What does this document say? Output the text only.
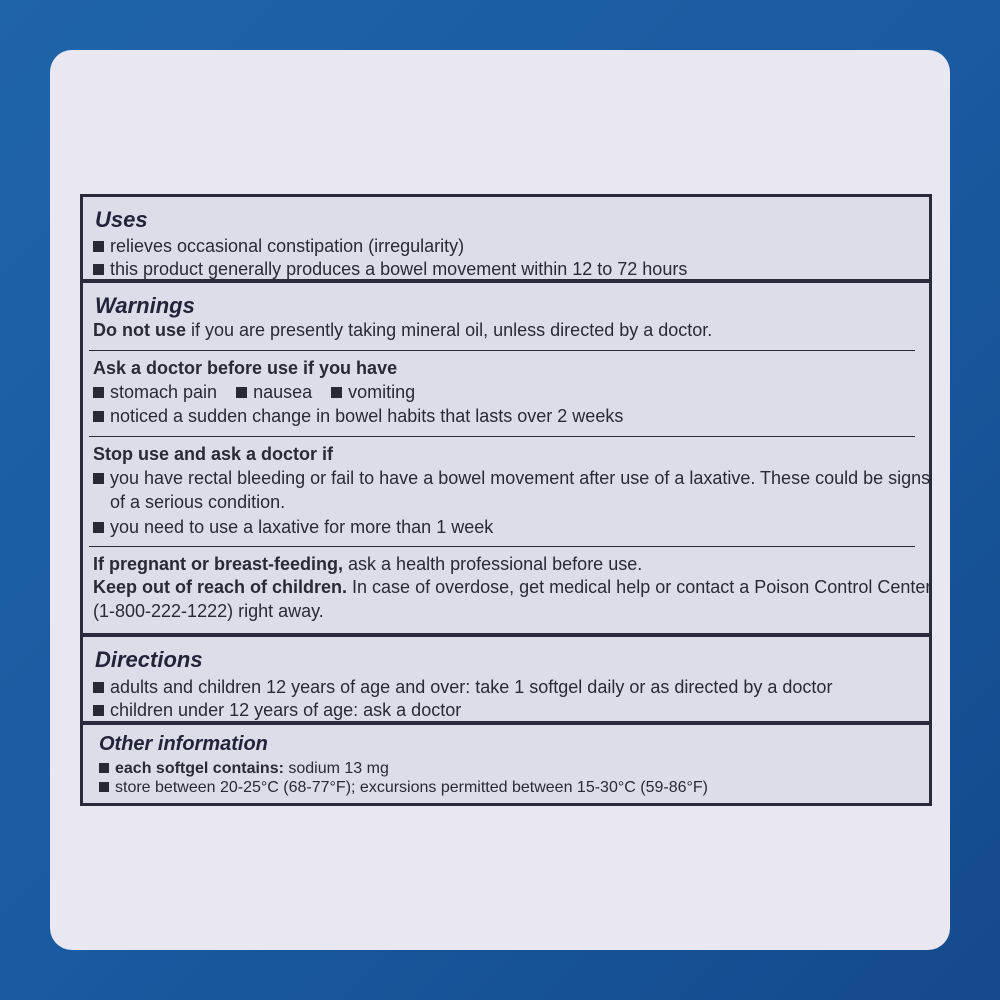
Uses
relieves occasional constipation (irregularity)
this product generally produces a bowel movement within 12 to 72 hours
Warnings
Do not use if you are presently taking mineral oil, unless directed by a doctor.
Ask a doctor before use if you have
stomach pain nausea vomiting
noticed a sudden change in bowel habits that lasts over 2 weeks
Stop use and ask a doctor if
you have rectal bleeding or fail to have a bowel movement after use of a laxative. These could be signs
of a serious condition.
you need to use a laxative for more than 1 week
If pregnant or breast-feeding, ask a health professional before use.
Keep out of reach of children. In case of overdose, get medical help or contact a Poison Control Center
(1-800-222-1222) right away.
Directions
adults and children 12 years of age and over: take 1 softgel daily or as directed by a doctor
children under 12 years of age: ask a doctor
Other information
each softgel contains: sodium 13 mg
store between 20-25°C (68-77°F); excursions permitted between 15-30°C (59-86°F)
